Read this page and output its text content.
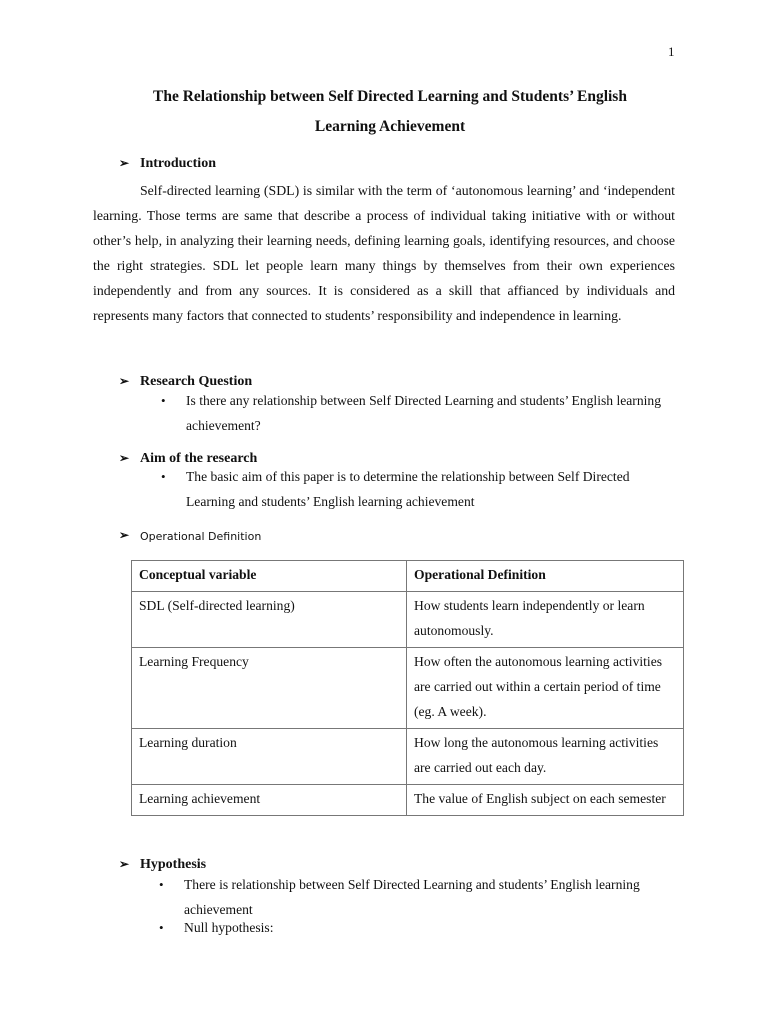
1
The Relationship between Self Directed Learning and Students’ English
Learning Achievement
➢ Introduction
Self-directed learning (SDL) is similar with the term of ‘autonomous learning’ and ‘independent learning. Those terms are same that describe a process of individual taking initiative with or without other’s help, in analyzing their learning needs, defining learning goals, identifying resources, and choose the right strategies. SDL let people learn many things by themselves from their own experiences independently and from any sources. It is considered as a skill that affianced by individuals and represents many factors that connected to students’ responsibility and independence in learning.
➢ Research Question
• Is there any relationship between Self Directed Learning and students’ English learning achievement?
➢ Aim of the research
• The basic aim of this paper is to determine the relationship between Self Directed Learning and students’ English learning achievement
➢ Operational Definition
Conceptual variable	Operational Definition
SDL (Self-directed learning)	How students learn independently or learn autonomously.
Learning Frequency	How often the autonomous learning activities are carried out within a certain period of time (eg. A week).
Learning duration	How long the autonomous learning activities are carried out each day.
Learning achievement	The value of English subject on each semester
➢ Hypothesis
• There is relationship between Self Directed Learning and students’ English learning achievement
• Null hypothesis:
